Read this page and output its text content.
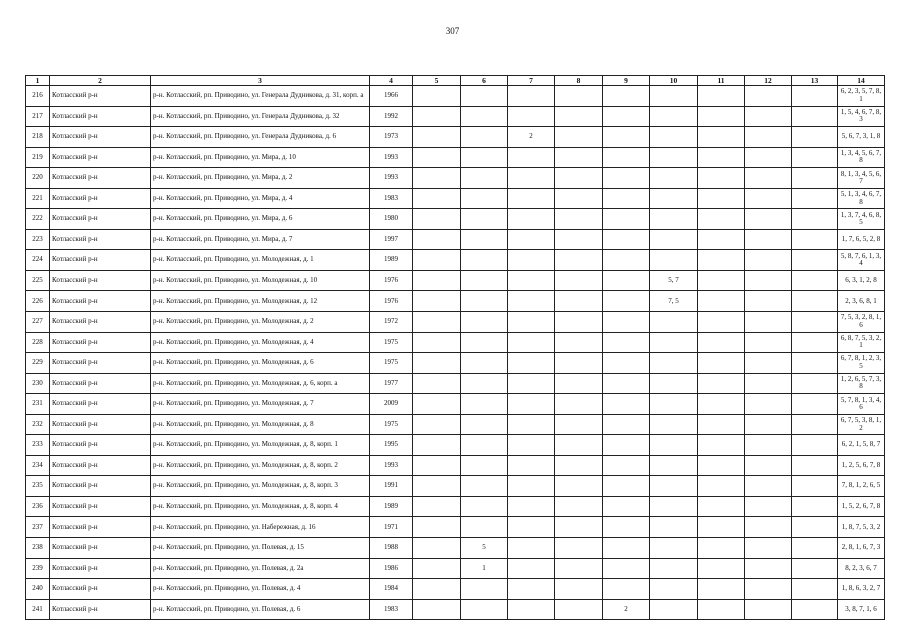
307
1	2	3	4	5	6	7	8	9	10	11	12	13	14
216	Котласский р-н	р-н. Котласский, рп. Приводино, ул. Генерала Дудникова, д. 31, корп. а	1966										6, 2, 3, 5, 7, 8, 1
217	Котласский р-н	р-н. Котласский, рп. Приводино, ул. Генерала Дудникова, д. 32	1992										1, 5, 4, 6, 7, 8, 3
218	Котласский р-н	р-н. Котласский, рп. Приводино, ул. Генерала Дудникова, д. 6	1973			2							5, 6, 7, 3, 1, 8
219	Котласский р-н	р-н. Котласский, рп. Приводино, ул. Мира, д. 10	1993										1, 3, 4, 5, 6, 7, 8
220	Котласский р-н	р-н. Котласский, рп. Приводино, ул. Мира, д. 2	1993										8, 1, 3, 4, 5, 6, 7
221	Котласский р-н	р-н. Котласский, рп. Приводино, ул. Мира, д. 4	1983										5, 1, 3, 4, 6, 7, 8
222	Котласский р-н	р-н. Котласский, рп. Приводино, ул. Мира, д. 6	1980										1, 3, 7, 4, 6, 8, 5
223	Котласский р-н	р-н. Котласский, рп. Приводино, ул. Мира, д. 7	1997										1, 7, 6, 5, 2, 8
224	Котласский р-н	р-н. Котласский, рп. Приводино, ул. Молодежная, д. 1	1989										5, 8, 7, 6, 1, 3, 4
225	Котласский р-н	р-н. Котласский, рп. Приводино, ул. Молодежная, д. 10	1976						5, 7				6, 3, 1, 2, 8
226	Котласский р-н	р-н. Котласский, рп. Приводино, ул. Молодежная, д. 12	1976						7, 5				2, 3, 6, 8, 1
227	Котласский р-н	р-н. Котласский, рп. Приводино, ул. Молодежная, д. 2	1972										7, 5, 3, 2, 8, 1, 6
228	Котласский р-н	р-н. Котласский, рп. Приводино, ул. Молодежная, д. 4	1975										6, 8, 7, 5, 3, 2, 1
229	Котласский р-н	р-н. Котласский, рп. Приводино, ул. Молодежная, д. 6	1975										6, 7, 8, 1, 2, 3, 5
230	Котласский р-н	р-н. Котласский, рп. Приводино, ул. Молодежная, д. 6, корп. а	1977										1, 2, 6, 5, 7, 3, 8
231	Котласский р-н	р-н. Котласский, рп. Приводино, ул. Молодежная, д. 7	2009										5, 7, 8, 1, 3, 4, 6
232	Котласский р-н	р-н. Котласский, рп. Приводино, ул. Молодежная, д. 8	1975										6, 7, 5, 3, 8, 1, 2
233	Котласский р-н	р-н. Котласский, рп. Приводино, ул. Молодежная, д. 8, корп. 1	1995										6, 2, 1, 5, 8, 7
234	Котласский р-н	р-н. Котласский, рп. Приводино, ул. Молодежная, д. 8, корп. 2	1993										1, 2, 5, 6, 7, 8
235	Котласский р-н	р-н. Котласский, рп. Приводино, ул. Молодежная, д. 8, корп. 3	1991										7, 8, 1, 2, 6, 5
236	Котласский р-н	р-н. Котласский, рп. Приводино, ул. Молодежная, д. 8, корп. 4	1989										1, 5, 2, 6, 7, 8
237	Котласский р-н	р-н. Котласский, рп. Приводино, ул. Набережная, д. 16	1971										1, 8, 7, 5, 3, 2
238	Котласский р-н	р-н. Котласский, рп. Приводино, ул. Полевая, д. 15	1988		5								2, 8, 1, 6, 7, 3
239	Котласский р-н	р-н. Котласский, рп. Приводино, ул. Полевая, д. 2а	1986		1								8, 2, 3, 6, 7
240	Котласский р-н	р-н. Котласский, рп. Приводино, ул. Полевая, д. 4	1984										1, 8, 6, 3, 2, 7
241	Котласский р-н	р-н. Котласский, рп. Приводино, ул. Полевая, д. 6	1983					2					3, 8, 7, 1, 6
